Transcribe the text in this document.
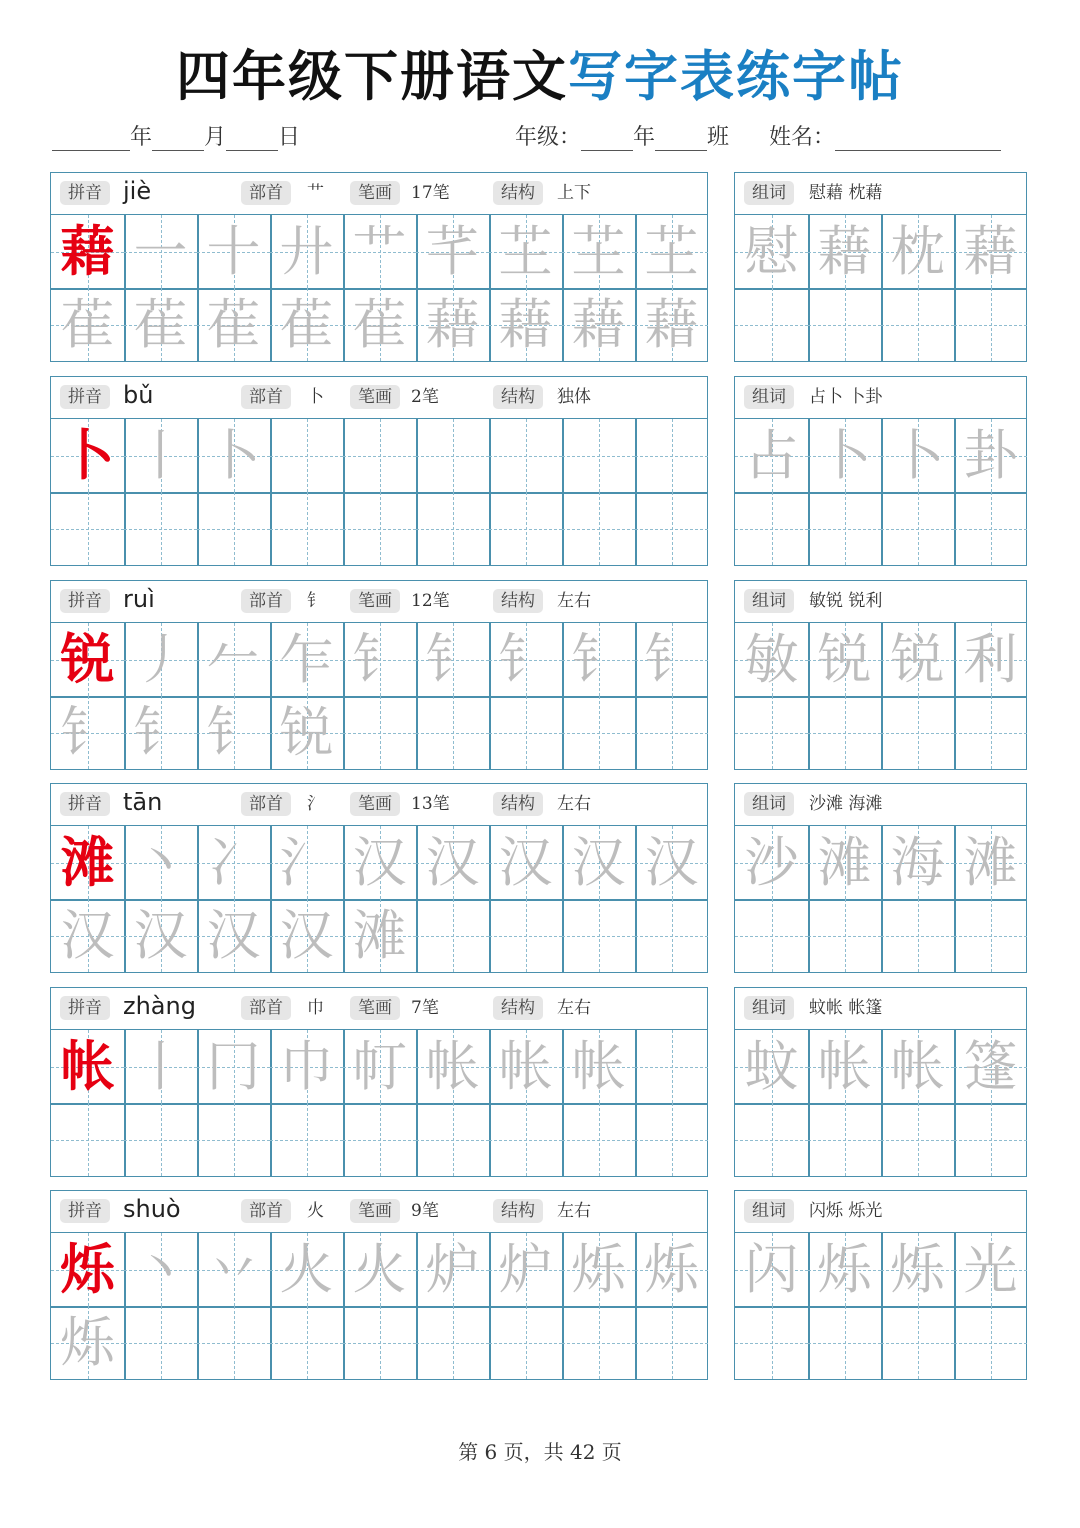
四年级下册语文写字表练字帖
年 月 日	年级： 年 班 姓名：
拼音 jiè	部首	艹	笔画	17笔	结构	上下
藉 一 十 廾 艹 芊 芏 芏 芏
萑 萑 萑 萑 萑 藉 藉 藉 藉
组词	慰藉 枕藉
慰 藉 枕 藉
拼音 bǔ	部首	卜	笔画	2笔	结构	独体
卜 丨 卜
组词	占卜 卜卦
占 卜 卜 卦
拼音 ruì	部首	钅	笔画	12笔	结构	左右
锐 丿 𠂉 乍 钅 钅 钅 钅 钅
钅 钅 钅 锐
组词	敏锐 锐利
敏 锐 锐 利
拼音 tān	部首	氵	笔画	13笔	结构	左右
滩 丶 冫 氵 汉 汉 汉 汉 汉
汉 汉 汉 汉 滩
组词	沙滩 海滩
沙 滩 海 滩
拼音 zhàng	部首	巾	笔画	7笔	结构	左右
帐 丨 冂 巾 帄 帐 帐 帐
组词	蚊帐 帐篷
蚊 帐 帐 篷
拼音 shuò	部首	火	笔画	9笔	结构	左右
烁 丶 丷 火 火 炉 炉 烁 烁
烁
组词	闪烁 烁光
闪 烁 烁 光
第 6 页，共 42 页
